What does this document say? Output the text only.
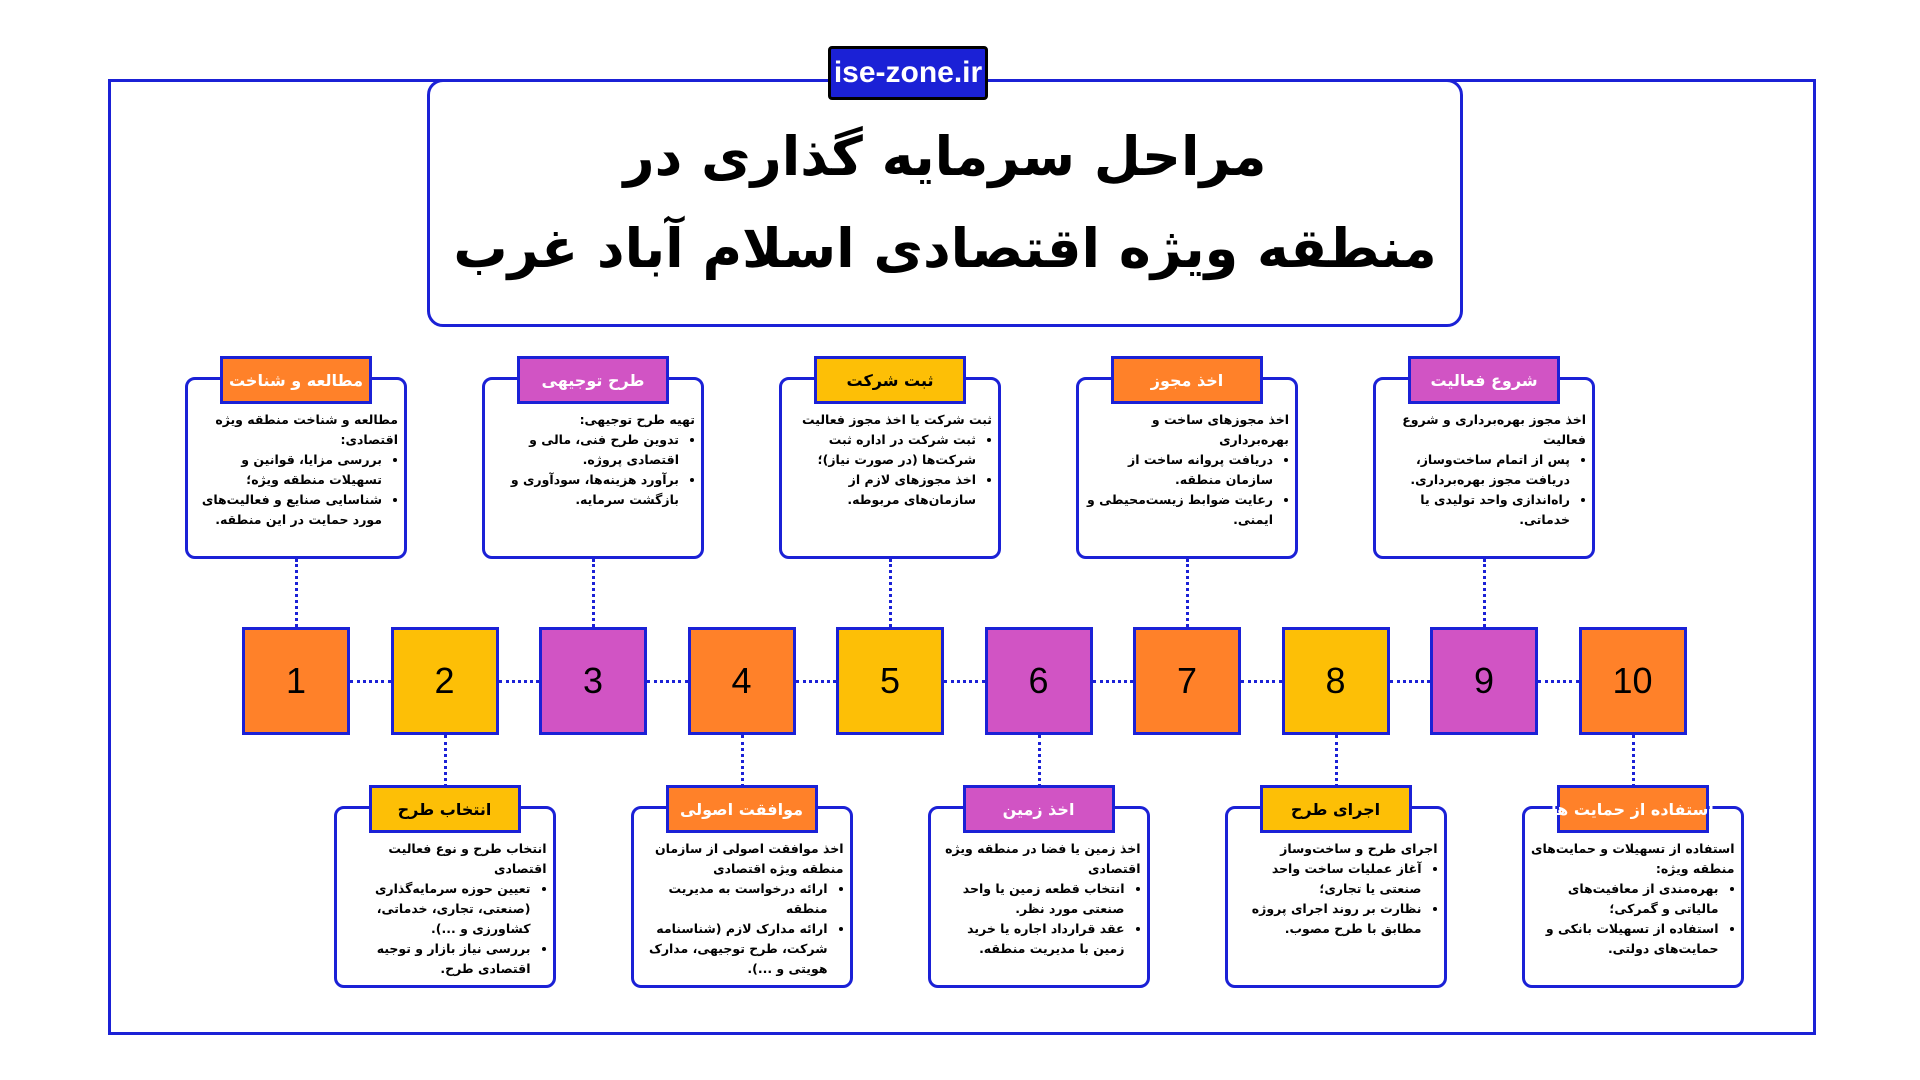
ise-zone.ir
مراحل سرمایه گذاری در
منطقه ویژه اقتصادی اسلام آباد غرب
1	2	3	4	5	6	7	8	9	10
مطالعه و شناخت

مطالعه و شناخت منطقه ویژه اقتصادی:

• بررسی مزایا، قوانین و تسهیلات منطقه ویژه؛
• شناسایی صنایع و فعالیت‌های مورد حمایت در این منطقه.
انتخاب طرح

انتخاب طرح و نوع فعالیت اقتصادی

• تعیین حوزه سرمایه‌گذاری (صنعتی، تجاری، خدماتی، کشاورزی و ...).
• بررسی نیاز بازار و توجیه اقتصادی طرح.
طرح توجیهی

تهیه طرح توجیهی:

• تدوین طرح فنی، مالی و اقتصادی پروژه.
• برآورد هزینه‌ها، سودآوری و بازگشت سرمایه.
موافقت اصولی

اخذ موافقت اصولی از سازمان منطقه ویژه اقتصادی

• ارائه درخواست به مدیریت منطقه
• ارائه مدارک لازم (شناسنامه شرکت، طرح توجیهی، مدارک هویتی و ...).
ثبت شرکت

ثبت شرکت یا اخذ مجوز فعالیت

• ثبت شرکت در اداره ثبت شرکت‌ها (در صورت نیاز)؛
• اخذ مجوزهای لازم از سازمان‌های مربوطه.
اخذ زمین

اخذ زمین یا فضا در منطقه ویژه اقتصادی

• انتخاب قطعه زمین یا واحد صنعتی مورد نظر.
• عقد قرارداد اجاره یا خرید زمین با مدیریت منطقه.
اخذ مجوز

اخذ مجوزهای ساخت و بهره‌برداری

• دریافت پروانه ساخت از سازمان منطقه.
• رعایت ضوابط زیست‌محیطی و ایمنی.
اجرای طرح

اجرای طرح و ساخت‌وساز

• آغاز عملیات ساخت واحد صنعتی یا تجاری؛
• نظارت بر روند اجرای پروژه مطابق با طرح مصوب.
شروع فعالیت

اخذ مجوز بهره‌برداری و شروع فعالیت

• پس از اتمام ساخت‌وساز، دریافت مجوز بهره‌برداری.
• راه‌اندازی واحد تولیدی یا خدماتی.
استفاده از حمایت ها

استفاده از تسهیلات و حمایت‌های منطقه ویژه:

• بهره‌مندی از معافیت‌های مالیاتی و گمرکی؛
• استفاده از تسهیلات بانکی و حمایت‌های دولتی.
